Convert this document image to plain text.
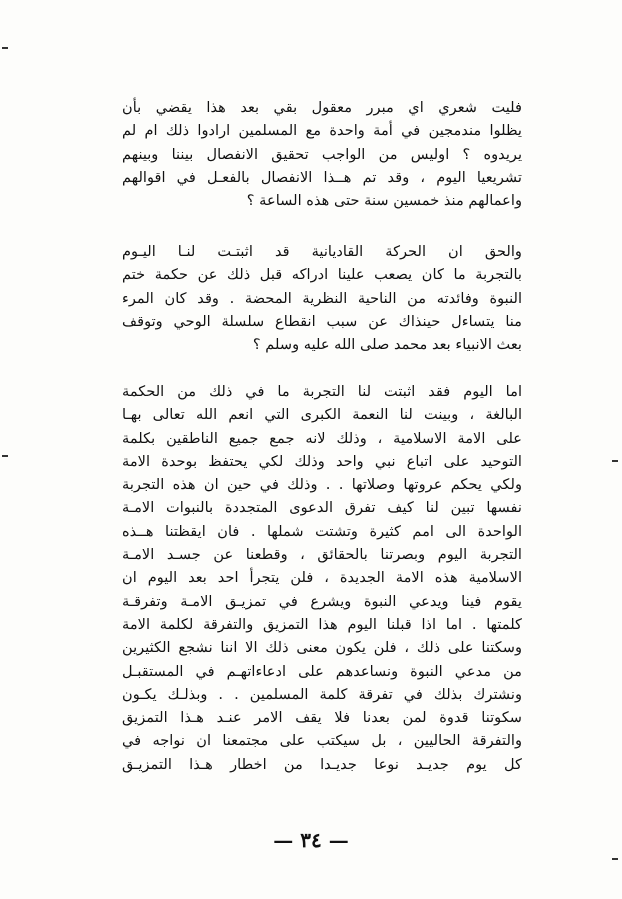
فليت شعري اي مبرر معقول بقي بعد هذا يقضي بأن
يظلوا مندمجين في أمة واحدة مع المسلمين ارادوا ذلك ام لم
يريدوه ؟ اوليس من الواجب تحقيق الانفصال بيننا وبينهم
تشريعيا اليوم ، وقد تم هــذا الانفصال بالفعـل في اقوالهم
واعمالهم منذ خمسين سنة حتى هذه الساعة ؟
والحق ان الحركة القاديانية قد اثبتـت لنـا اليـوم
بالتجربة ما كان يصعب علينا ادراكه قبل ذلك عن حكمة ختم
النبوة وفائدته من الناحية النظرية المحضة . وقد كان المرء
منا يتساءل حينذاك عن سبب انقطاع سلسلة الوحي وتوقف
بعث الانبياء بعد محمد صلى الله عليه وسلم ؟
اما اليوم فقد اثبتت لنا التجربة ما في ذلك من الحكمة
البالغة ، وبينت لنا النعمة الكبرى التي انعم الله تعالى بهـا
على الامة الاسلامية ، وذلك لانه جمع جميع الناطقين بكلمة
التوحيد على اتباع نبي واحد وذلك لكي يحتفظ بوحدة الامة
ولكي يحكم عروتها وصلاتها . . وذلك في حين ان هذه التجربة
نفسها تبين لنا كيف تفرق الدعوى المتجددة بالنبوات الامـة
الواحدة الى امم كثيرة وتشتت شملها . فان ايقظتنا هــذه
التجربة اليوم وبصرتنا بالحقائق ، وقطعنا عن جسـد الامـة
الاسلامية هذه الامة الجديدة ، فلن يتجرأ احد بعد اليوم ان
يقوم فينا ويدعي النبوة ويشرع في تمزيـق الامـة وتفرقـة
كلمتها . اما اذا قبلنا اليوم هذا التمزيق والتفرقة لكلمة الامة
وسكتنا على ذلك ، فلن يكون معنى ذلك الا اننا نشجع الكثيرين
من مدعي النبوة ونساعدهم على ادعاءاتهـم في المستقبـل
ونشترك بذلك في تفرقة كلمة المسلمين . . وبذلـك يكـون
سكوتنا قدوة لمن بعدنا فلا يقف الامر عنـد هـذا التمزيق
والتفرقة الحاليين ، بل سيكتب على مجتمعنا ان نواجه في
كل يوم جديـد نوعا جديـدا من اخطار هـذا التمزيـق
— ٣٤ —
